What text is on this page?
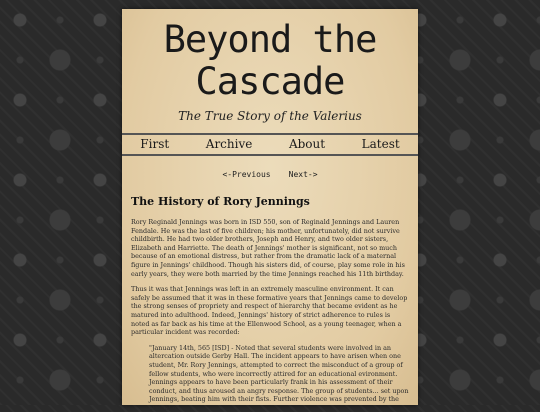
Beyond the
Cascade
The True Story of the Valerius
First	Archive	About	Latest
<-Previous Next->
The History of Rory Jennings

Rory Reginald Jennings was born in ISD 550, son of Reginald Jennings and Lauren Fendale. He was the last of five children; his mother, unfortunately, did not survive childbirth. He had two older brothers, Joseph and Henry, and two older sisters, Elizabeth and Harriette. The death of Jennings' mother is significant, not so much because of an emotional distress, but rather from the dramatic lack of a maternal figure in Jennings' childhood. Though his sisters did, of course, play some role in his early years, they were both married by the time Jennings reached his 11th birthday.

Thus it was that Jennings was left in an extremely masculine environment. It can safely be assumed that it was in these formative years that Jennings came to develop the strong senses of propriety and respect of hierarchy that became evident as he matured into adulthood. Indeed, Jennings' history of strict adherence to rules is noted as far back as his time at the Ellenwood School, as a young teenager, when a particular incident was recorded:

"January 14th, 565 [ISD] - Noted that several students were involved in an altercation outside Gerby Hall. The incident appears to have arisen when one student, Mr. Rory Jennings, attempted to correct the misconduct of a group of fellow students, who were incorrectly attired for an educational evironment. Jennings appears to have been particularly frank in his assessment of their conduct, and thus aroused an angry response. The group of students... set upon Jennings, beating him with their fists. Further violence was prevented by the arrival of
